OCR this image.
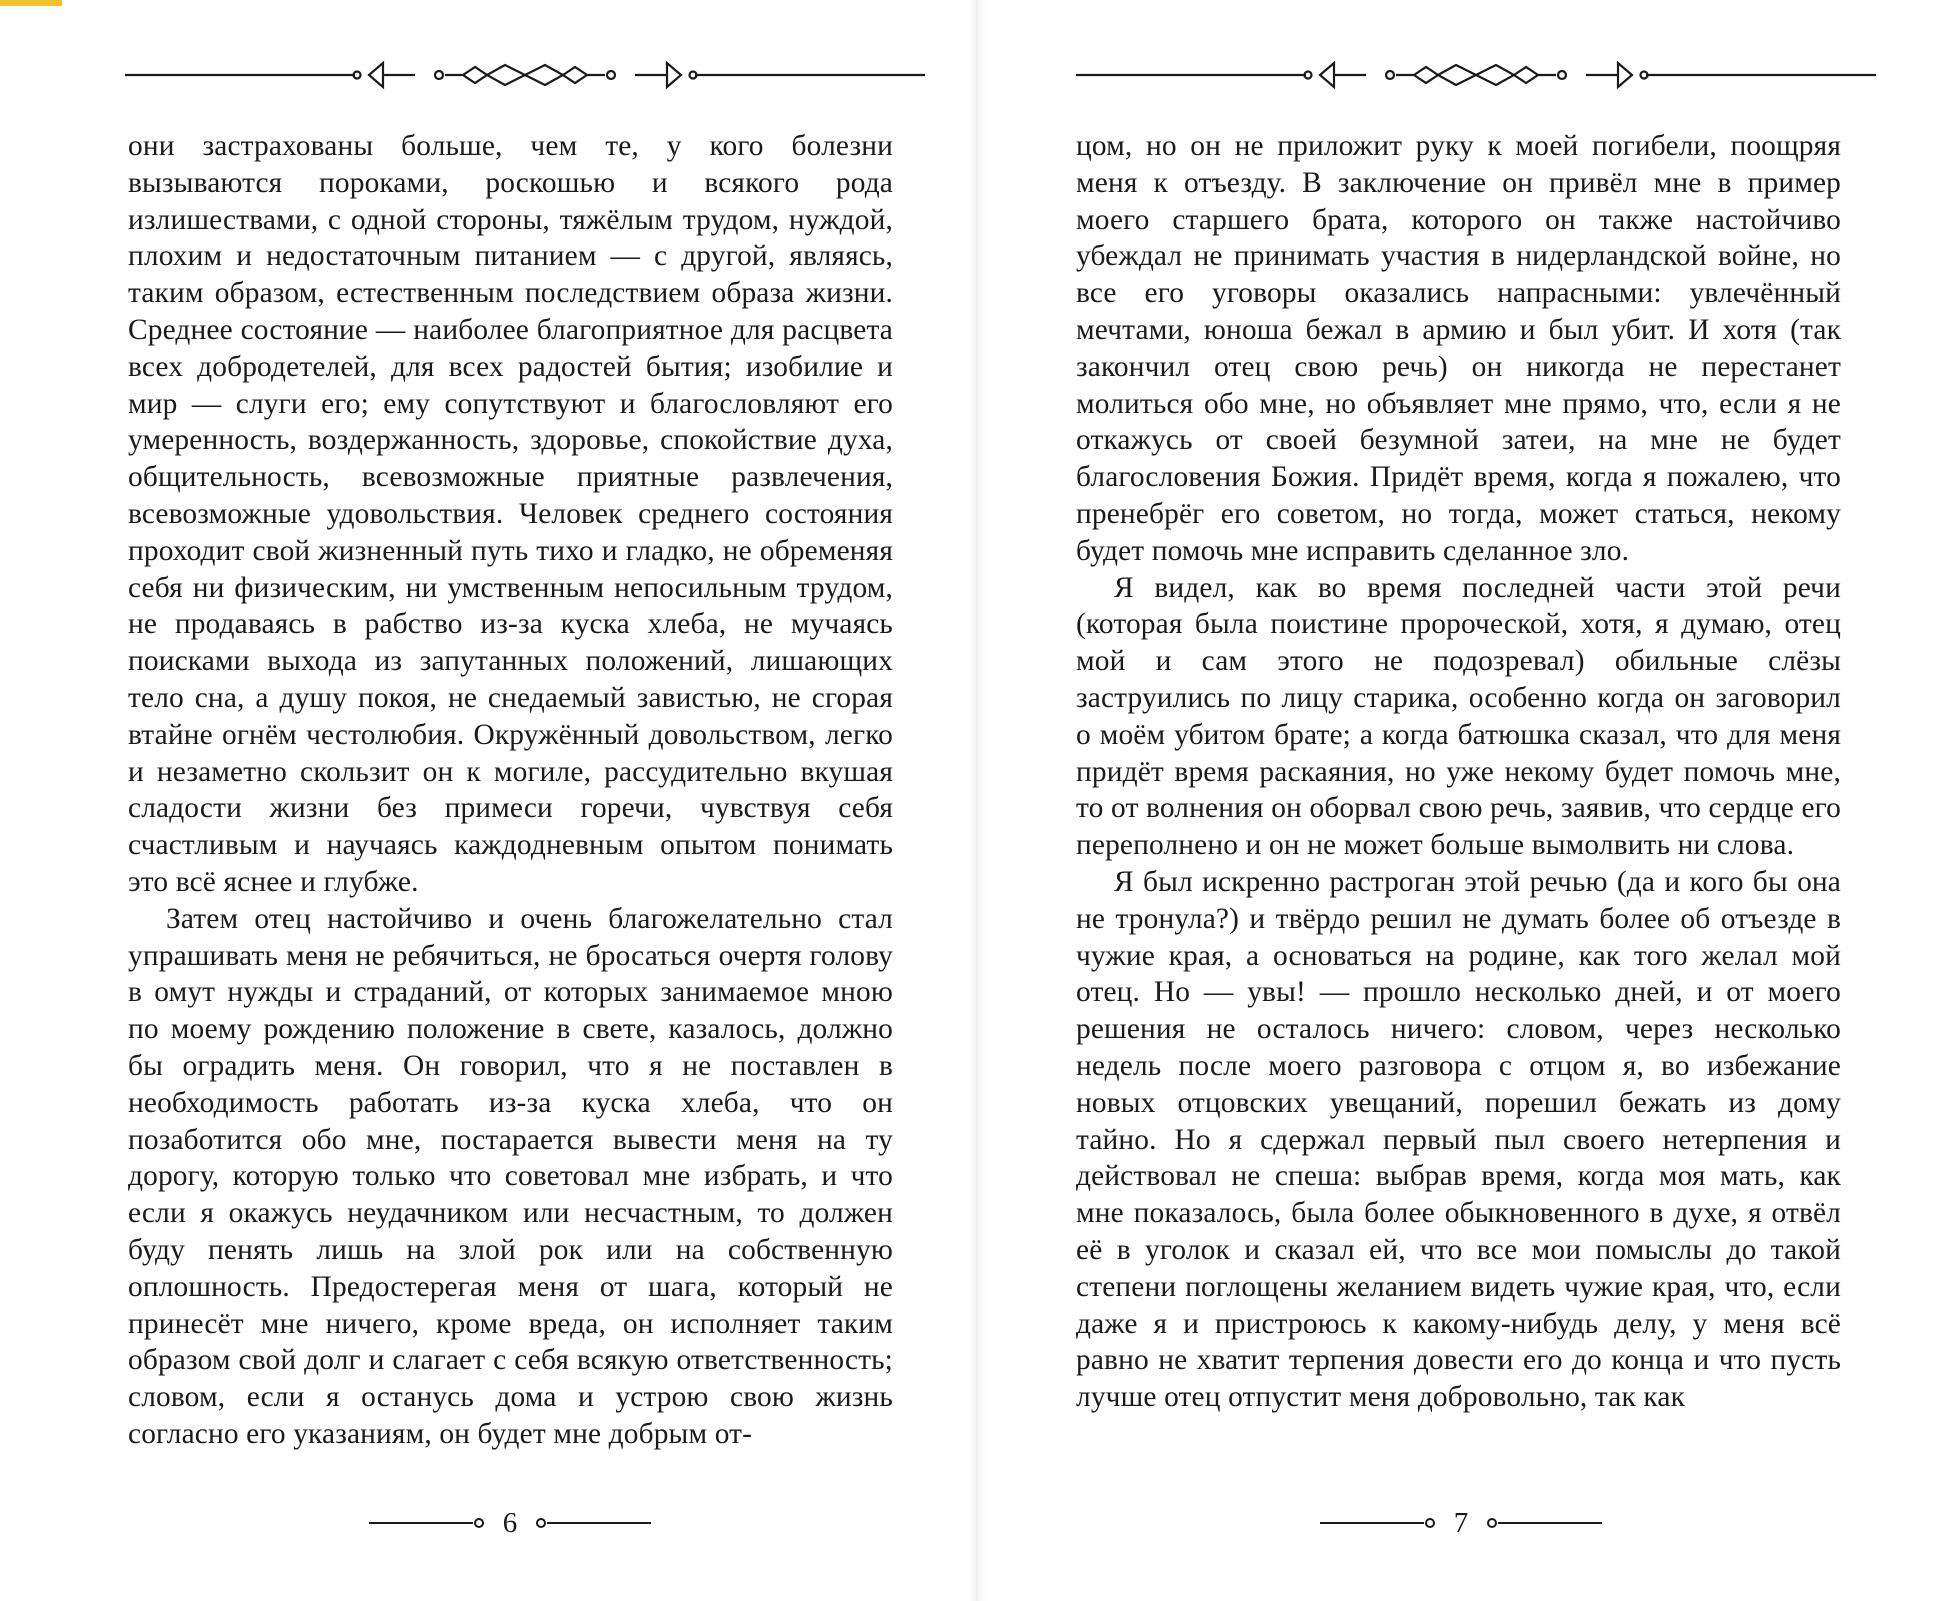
они застрахованы больше, чем те, у кого болезни вызываются пороками, роскошью и всякого рода излишествами, с одной стороны, тяжёлым трудом, нуждой, плохим и недостаточным питанием — с другой, являясь, таким образом, естественным последствием образа жизни. Среднее состояние — наиболее благоприятное для расцвета всех добродетелей, для всех радостей бытия; изобилие и мир — слуги его; ему сопутствуют и благословляют его умеренность, воздержанность, здоровье, спокойствие духа, общительность, всевозможные приятные развлечения, всевозможные удовольствия. Человек среднего состояния проходит свой жизненный путь тихо и гладко, не обременяя себя ни физическим, ни умственным непосильным трудом, не продаваясь в рабство из-за куска хлеба, не мучаясь поисками выхода из запутанных положений, лишающих тело сна, а душу покоя, не снедаемый завистью, не сгорая втайне огнём честолюбия. Окружённый довольством, легко и незаметно скользит он к могиле, рассудительно вкушая сладости жизни без примеси горечи, чувствуя себя счастливым и научаясь каждодневным опытом понимать это всё яснее и глубже.

Затем отец настойчиво и очень благожелательно стал упрашивать меня не ребячиться, не бросаться очертя голову в омут нужды и страданий, от которых занимаемое мною по моему рождению положение в свете, казалось, должно бы оградить меня. Он говорил, что я не поставлен в необходимость работать из-за куска хлеба, что он позаботится обо мне, постарается вывести меня на ту дорогу, которую только что советовал мне избрать, и что если я окажусь неудачником или несчастным, то должен буду пенять лишь на злой рок или на собственную оплошность. Предостерегая меня от шага, который не принесёт мне ничего, кроме вреда, он исполняет таким образом свой долг и слагает с себя всякую ответственность; словом, если я останусь дома и устрою свою жизнь согласно его указаниям, он будет мне добрым от-

6

цом, но он не приложит руку к моей погибели, поощряя меня к отъезду. В заключение он привёл мне в пример моего старшего брата, которого он также настойчиво убеждал не принимать участия в нидерландской войне, но все его уговоры оказались напрасными: увлечённый мечтами, юноша бежал в армию и был убит. И хотя (так закончил отец свою речь) он никогда не перестанет молиться обо мне, но объявляет мне прямо, что, если я не откажусь от своей безумной затеи, на мне не будет благословения Божия. Придёт время, когда я пожалею, что пренебрёг его советом, но тогда, может статься, некому будет помочь мне исправить сделанное зло.

Я видел, как во время последней части этой речи (которая была поистине пророческой, хотя, я думаю, отец мой и сам этого не подозревал) обильные слёзы заструились по лицу старика, особенно когда он заговорил о моём убитом брате; а когда батюшка сказал, что для меня придёт время раскаяния, но уже некому будет помочь мне, то от волнения он оборвал свою речь, заявив, что сердце его переполнено и он не может больше вымолвить ни слова.

Я был искренно растроган этой речью (да и кого бы она не тронула?) и твёрдо решил не думать более об отъезде в чужие края, а основаться на родине, как того желал мой отец. Но — увы! — прошло несколько дней, и от моего решения не осталось ничего: словом, через несколько недель после моего разговора с отцом я, во избежание новых отцовских увещаний, порешил бежать из дому тайно. Но я сдержал первый пыл своего нетерпения и действовал не спеша: выбрав время, когда моя мать, как мне показалось, была более обыкновенного в духе, я отвёл её в уголок и сказал ей, что все мои помыслы до такой степени поглощены желанием видеть чужие края, что, если даже я и пристроюсь к какому-нибудь делу, у меня всё равно не хватит терпения довести его до конца и что пусть лучше отец отпустит меня добровольно, так как

7
